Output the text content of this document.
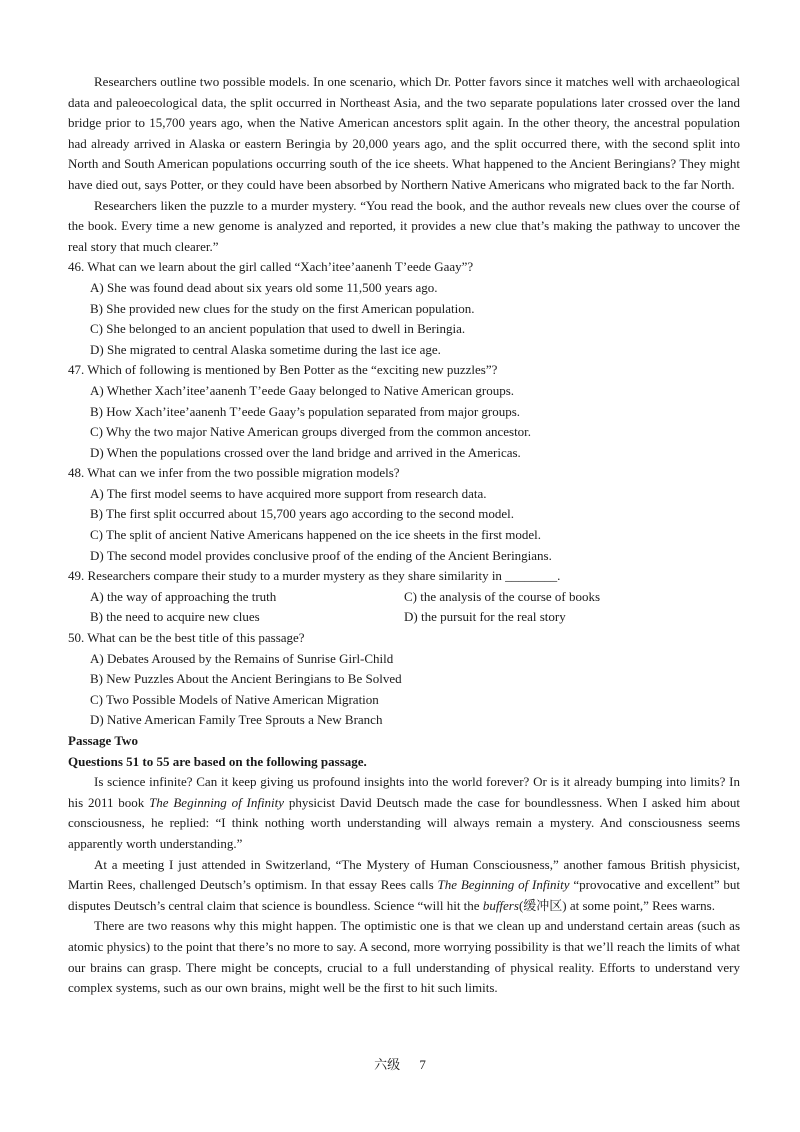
Researchers outline two possible models. In one scenario, which Dr. Potter favors since it matches well with archaeological data and paleoecological data, the split occurred in Northeast Asia, and the two separate populations later crossed over the land bridge prior to 15,700 years ago, when the Native American ancestors split again. In the other theory, the ancestral population had already arrived in Alaska or eastern Beringia by 20,000 years ago, and the split occurred there, with the second split into North and South American populations occurring south of the ice sheets. What happened to the Ancient Beringians? They might have died out, says Potter, or they could have been absorbed by Northern Native Americans who migrated back to the far North.

Researchers liken the puzzle to a murder mystery. “You read the book, and the author reveals new clues over the course of the book. Every time a new genome is analyzed and reported, it provides a new clue that’s making the pathway to uncover the real story that much clearer.”

46. What can we learn about the girl called “Xach’itee’aanenh T’eede Gaay”?

A) She was found dead about six years old some 11,500 years ago.

B) She provided new clues for the study on the first American population.

C) She belonged to an ancient population that used to dwell in Beringia.

D) She migrated to central Alaska sometime during the last ice age.

47. Which of following is mentioned by Ben Potter as the “exciting new puzzles”?

A) Whether Xach’itee’aanenh T’eede Gaay belonged to Native American groups.

B) How Xach’itee’aanenh T’eede Gaay’s population separated from major groups.

C) Why the two major Native American groups diverged from the common ancestor.

D) When the populations crossed over the land bridge and arrived in the Americas.

48. What can we infer from the two possible migration models?

A) The first model seems to have acquired more support from research data.

B) The first split occurred about 15,700 years ago according to the second model.

C) The split of ancient Native Americans happened on the ice sheets in the first model.

D) The second model provides conclusive proof of the ending of the Ancient Beringians.

49. Researchers compare their study to a murder mystery as they share similarity in ________.

A) the way of approaching the truth	C) the analysis of the course of books
B) the need to acquire new clues	D) the pursuit for the real story

50. What can be the best title of this passage?

A) Debates Aroused by the Remains of Sunrise Girl-Child

B) New Puzzles About the Ancient Beringians to Be Solved

C) Two Possible Models of Native American Migration

D) Native American Family Tree Sprouts a New Branch

Passage Two

Questions 51 to 55 are based on the following passage.

Is science infinite? Can it keep giving us profound insights into the world forever? Or is it already bumping into limits? In his 2011 book The Beginning of Infinity physicist David Deutsch made the case for boundlessness. When I asked him about consciousness, he replied: “I think nothing worth understanding will always remain a mystery. And consciousness seems apparently worth understanding.”

At a meeting I just attended in Switzerland, “The Mystery of Human Consciousness,” another famous British physicist, Martin Rees, challenged Deutsch’s optimism. In that essay Rees calls The Beginning of Infinity “provocative and excellent” but disputes Deutsch’s central claim that science is boundless. Science “will hit the buffers(缓冲区) at some point,” Rees warns.

There are two reasons why this might happen. The optimistic one is that we clean up and understand certain areas (such as atomic physics) to the point that there’s no more to say. A second, more worrying possibility is that we’ll reach the limits of what our brains can grasp. There might be concepts, crucial to a full understanding of physical reality. Efforts to understand very complex systems, such as our own brains, might well be the first to hit such limits.

六级 7
